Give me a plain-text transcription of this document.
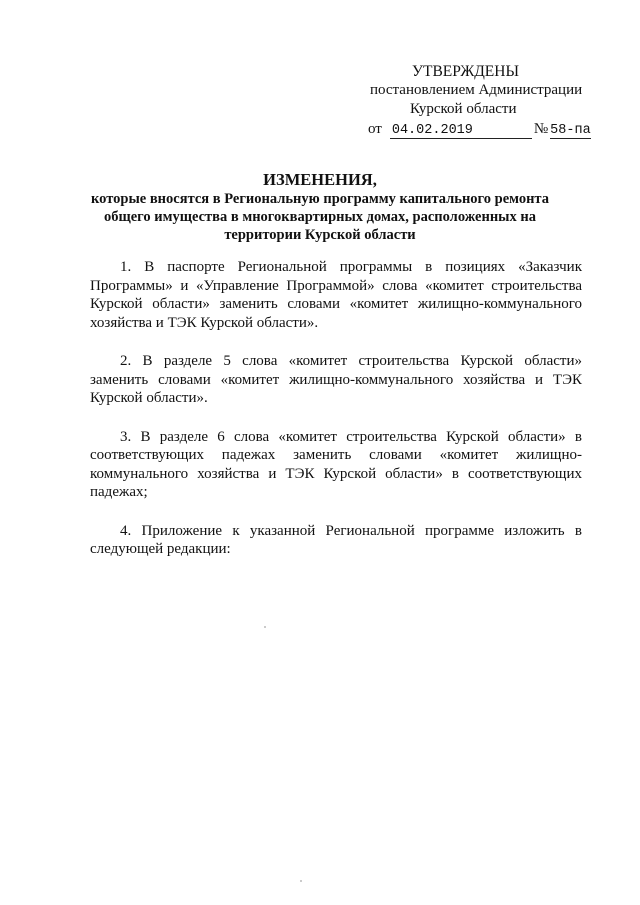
УТВЕРЖДЕНЫ
постановлением Администрации
Курской области
от 04.02.2019	№ 58-па
ИЗМЕНЕНИЯ,
которые вносятся в Региональную программу капитального ремонта общего имущества в многоквартирных домах, расположенных на территории Курской области

1. В паспорте Региональной программы в позициях «Заказчик Программы» и «Управление Программой» слова «комитет строительства Курской области» заменить словами «комитет жилищно-коммунального хозяйства и ТЭК Курской области».

2. В разделе 5 слова «комитет строительства Курской области» заменить словами «комитет жилищно-коммунального хозяйства и ТЭК Курской области».

3. В разделе 6 слова «комитет строительства Курской области» в соответствующих падежах заменить словами «комитет жилищно-коммунального хозяйства и ТЭК Курской области» в соответствующих падежах;

4. Приложение к указанной Региональной программе изложить в следующей редакции:
